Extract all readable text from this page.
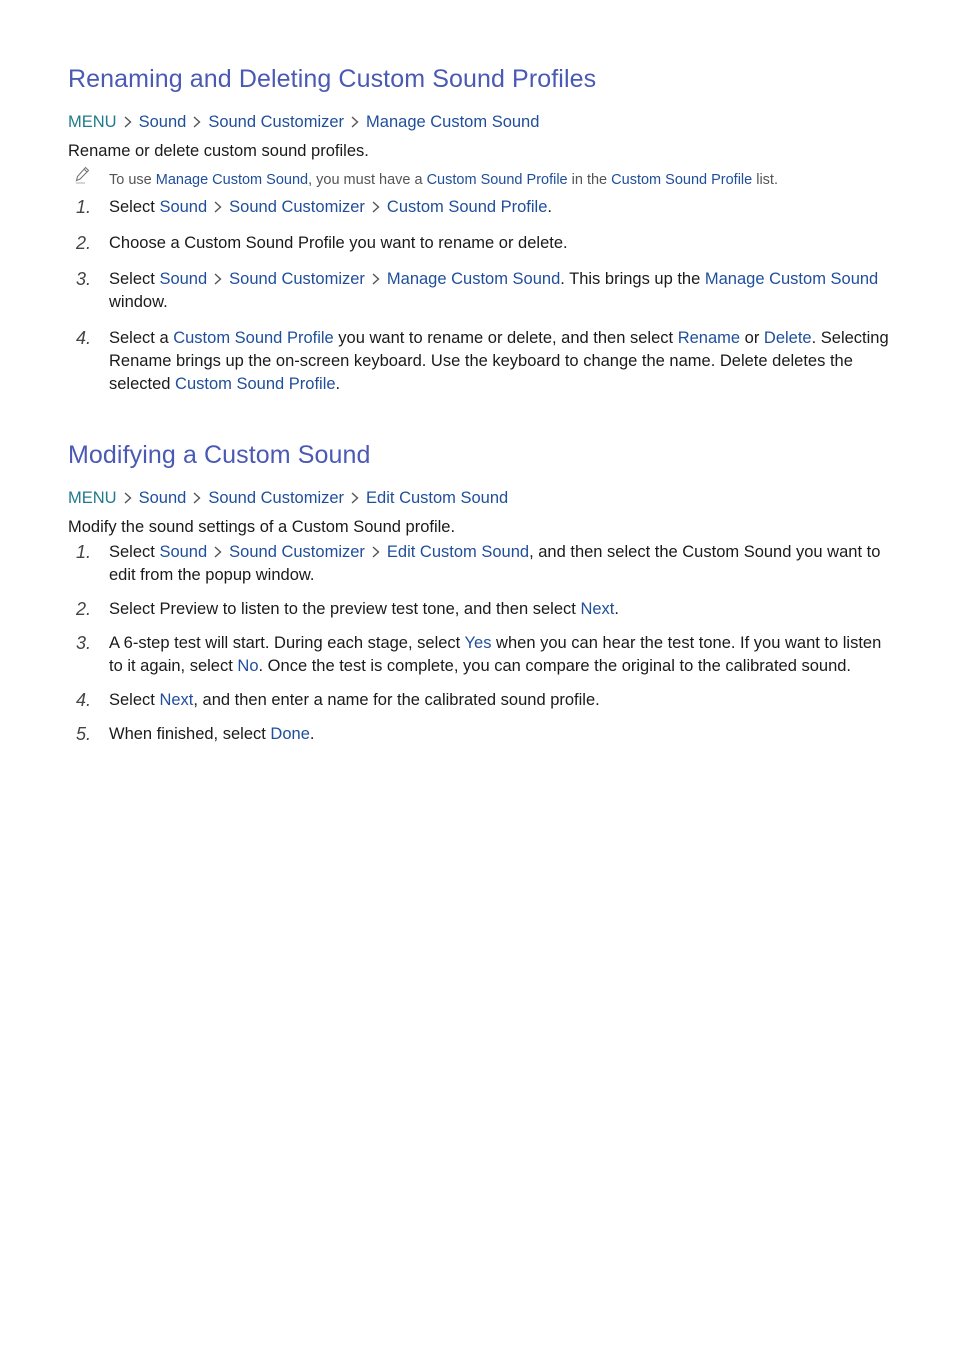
Renaming and Deleting Custom Sound Profiles
MENU Sound Sound Customizer Manage Custom Sound
Rename or delete custom sound profiles.
To use Manage Custom Sound, you must have a Custom Sound Profile in the Custom Sound Profile list.
1. Select Sound Sound Customizer Custom Sound Profile.
2. Choose a Custom Sound Profile you want to rename or delete.
3. Select Sound Sound Customizer Manage Custom Sound. This brings up the Manage Custom Sound window.
4. Select a Custom Sound Profile you want to rename or delete, and then select Rename or Delete. Selecting Rename brings up the on-screen keyboard. Use the keyboard to change the name. Delete deletes the selected Custom Sound Profile.
Modifying a Custom Sound
MENU Sound Sound Customizer Edit Custom Sound
Modify the sound settings of a Custom Sound profile.
1. Select Sound Sound Customizer Edit Custom Sound, and then select the Custom Sound you want to edit from the popup window.
2. Select Preview to listen to the preview test tone, and then select Next.
3. A 6-step test will start. During each stage, select Yes when you can hear the test tone. If you want to listen to it again, select No. Once the test is complete, you can compare the original to the calibrated sound.
4. Select Next, and then enter a name for the calibrated sound profile.
5. When finished, select Done.
